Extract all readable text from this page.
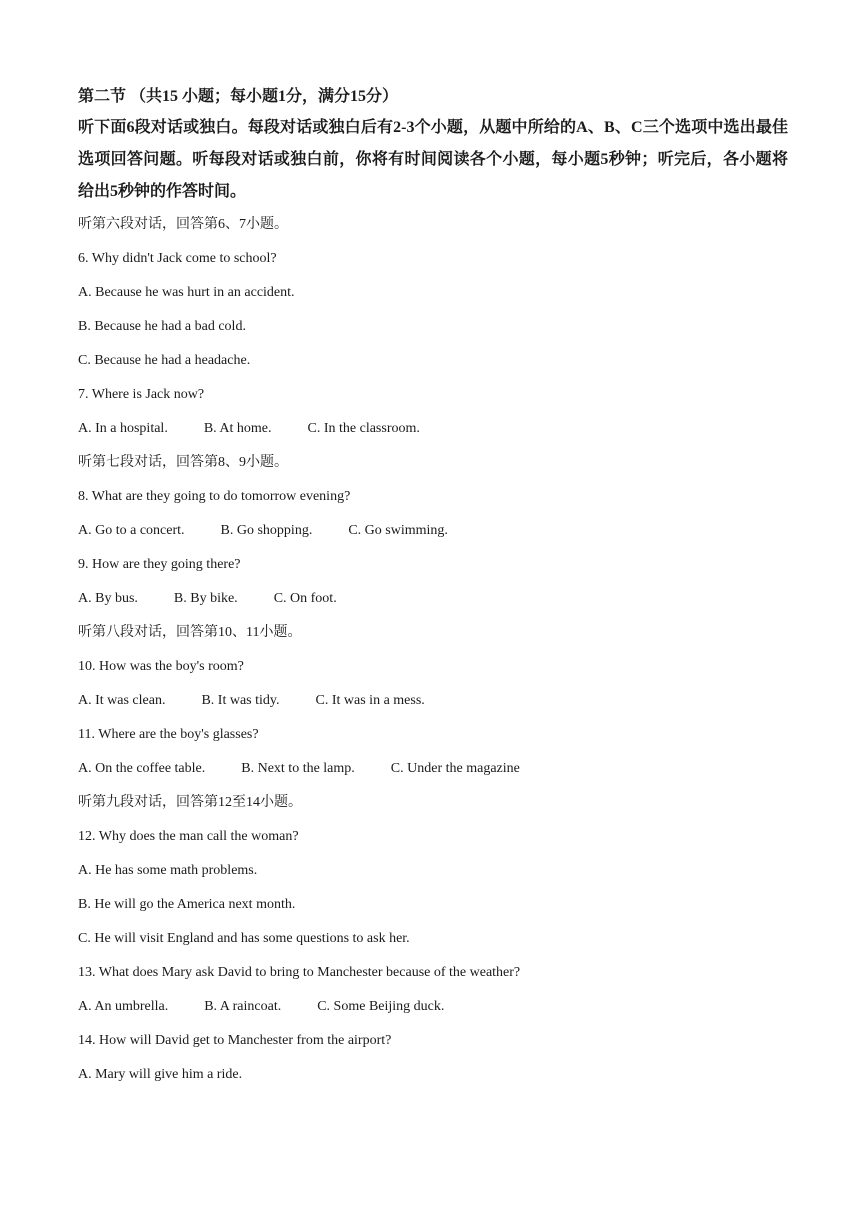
第二节 （共15 小题；每小题1分，满分15分）

听下面6段对话或独白。每段对话或独白后有2-3个小题，从题中所给的A、B、C三个选项中选出最佳选项回答问题。听每段对话或独白前，你将有时间阅读各个小题，每小题5秒钟；听完后，各小题将给出5秒钟的作答时间。

听第六段对话，回答第6、7小题。
6. Why didn't Jack come to school?
A. Because he was hurt in an accident.
B. Because he had a bad cold.
C. Because he had a headache.
7. Where is Jack now?
A. In a hospital.	B. At home.	C. In the classroom.
听第七段对话，回答第8、9小题。
8. What are they going to do tomorrow evening?
A. Go to a concert.	B. Go shopping.	C. Go swimming.
9. How are they going there?
A. By bus.	B. By bike.	C. On foot.
听第八段对话，回答第10、11小题。
10. How was the boy's room?
A. It was clean.	B. It was tidy.	C. It was in a mess.
11. Where are the boy's glasses?
A. On the coffee table.	B. Next to the lamp.	C. Under the magazine
听第九段对话，回答第12至14小题。
12. Why does the man call the woman?
A. He has some math problems.
B. He will go the America next month.
C. He will visit England and has some questions to ask her.
13. What does Mary ask David to bring to Manchester because of the weather?
A. An umbrella.	B. A raincoat.	C. Some Beijing duck.
14. How will David get to Manchester from the airport?
A. Mary will give him a ride.
